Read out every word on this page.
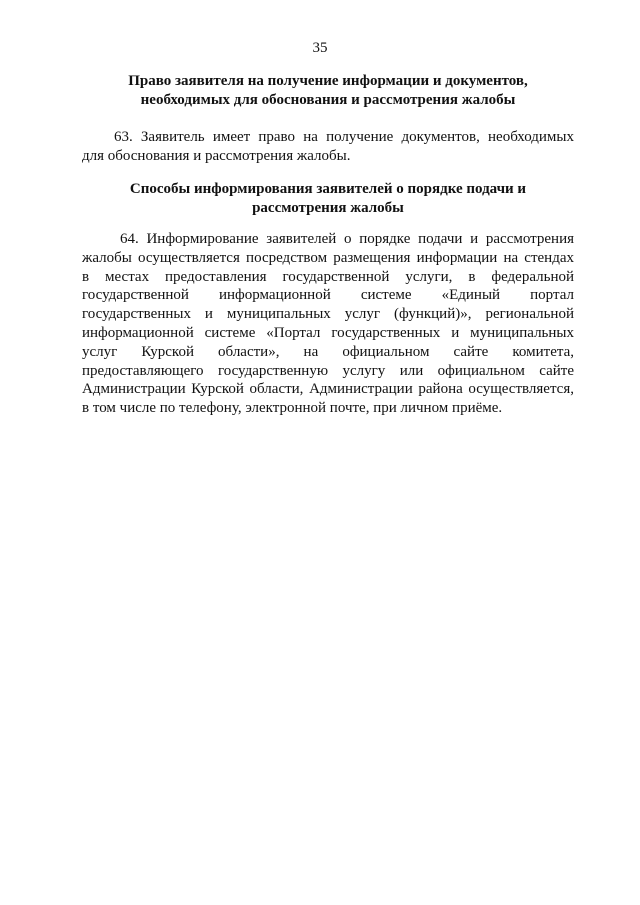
35
Право заявителя на получение информации и документов,
необходимых для обоснования и рассмотрения жалобы
63. Заявитель имеет право на получение документов, необходимых
для обоснования и рассмотрения жалобы.
Способы информирования заявителей о порядке подачи и
рассмотрения жалобы
64. Информирование заявителей о порядке подачи и рассмотрения
жалобы осуществляется посредством размещения информации на стендах
в местах предоставления государственной услуги, в федеральной
государственной информационной системе «Единый портал
государственных и муниципальных услуг (функций)», региональной
информационной системе «Портал государственных и муниципальных
услуг Курской области», на официальном сайте комитета,
предоставляющего государственную услугу или официальном сайте
Администрации Курской области, Администрации района осуществляется,
в том числе по телефону, электронной почте, при личном приёме.
